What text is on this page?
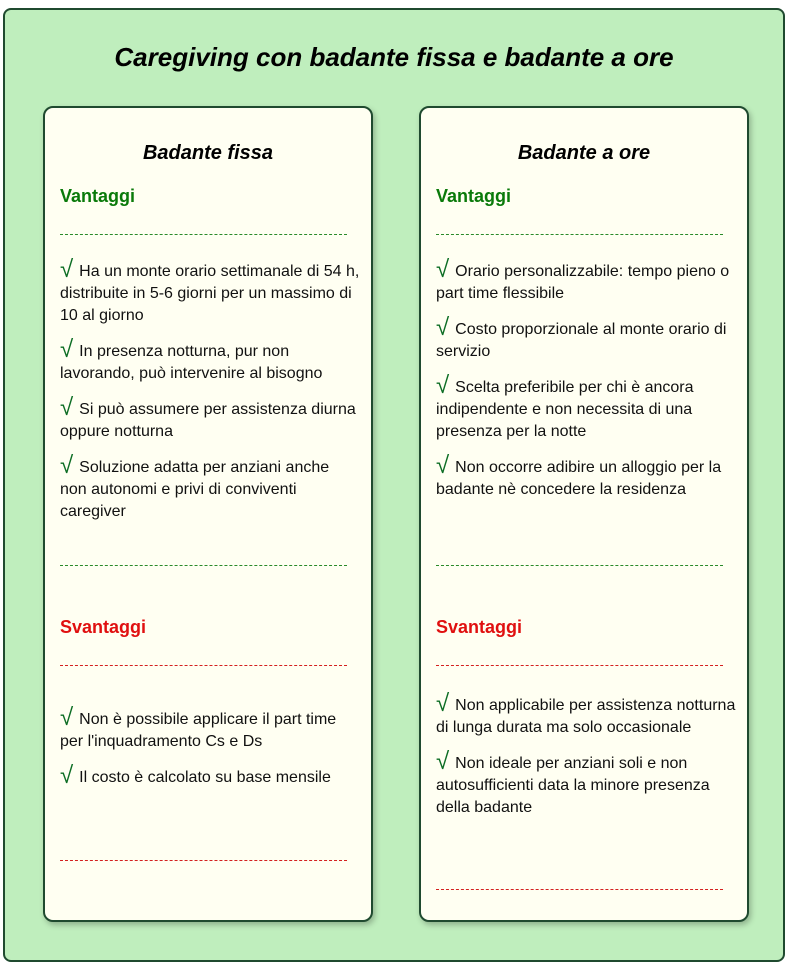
Caregiving con badante fissa e badante a ore
Badante fissa
Vantaggi
√ Ha un monte orario settimanale di 54 h, distribuite in 5-6 giorni per un massimo di 10 al giorno
√ In presenza notturna, pur non lavorando, può intervenire al bisogno
√ Si può assumere per assistenza diurna oppure notturna
√ Soluzione adatta per anziani anche non autonomi e privi di conviventi caregiver
Svantaggi
√ Non è possibile applicare il part time per l'inquadramento Cs e Ds
√ Il costo è calcolato su base mensile
Badante a ore
Vantaggi
√ Orario personalizzabile: tempo pieno o part time flessibile
√ Costo proporzionale al monte orario di servizio
√ Scelta preferibile per chi è ancora indipendente e non necessita di una presenza per la notte
√ Non occorre adibire un alloggio per la badante nè concedere la residenza
Svantaggi
√ Non applicabile per assistenza notturna di lunga durata ma solo occasionale
√ Non ideale per anziani soli e non autosufficienti data la minore presenza della badante
